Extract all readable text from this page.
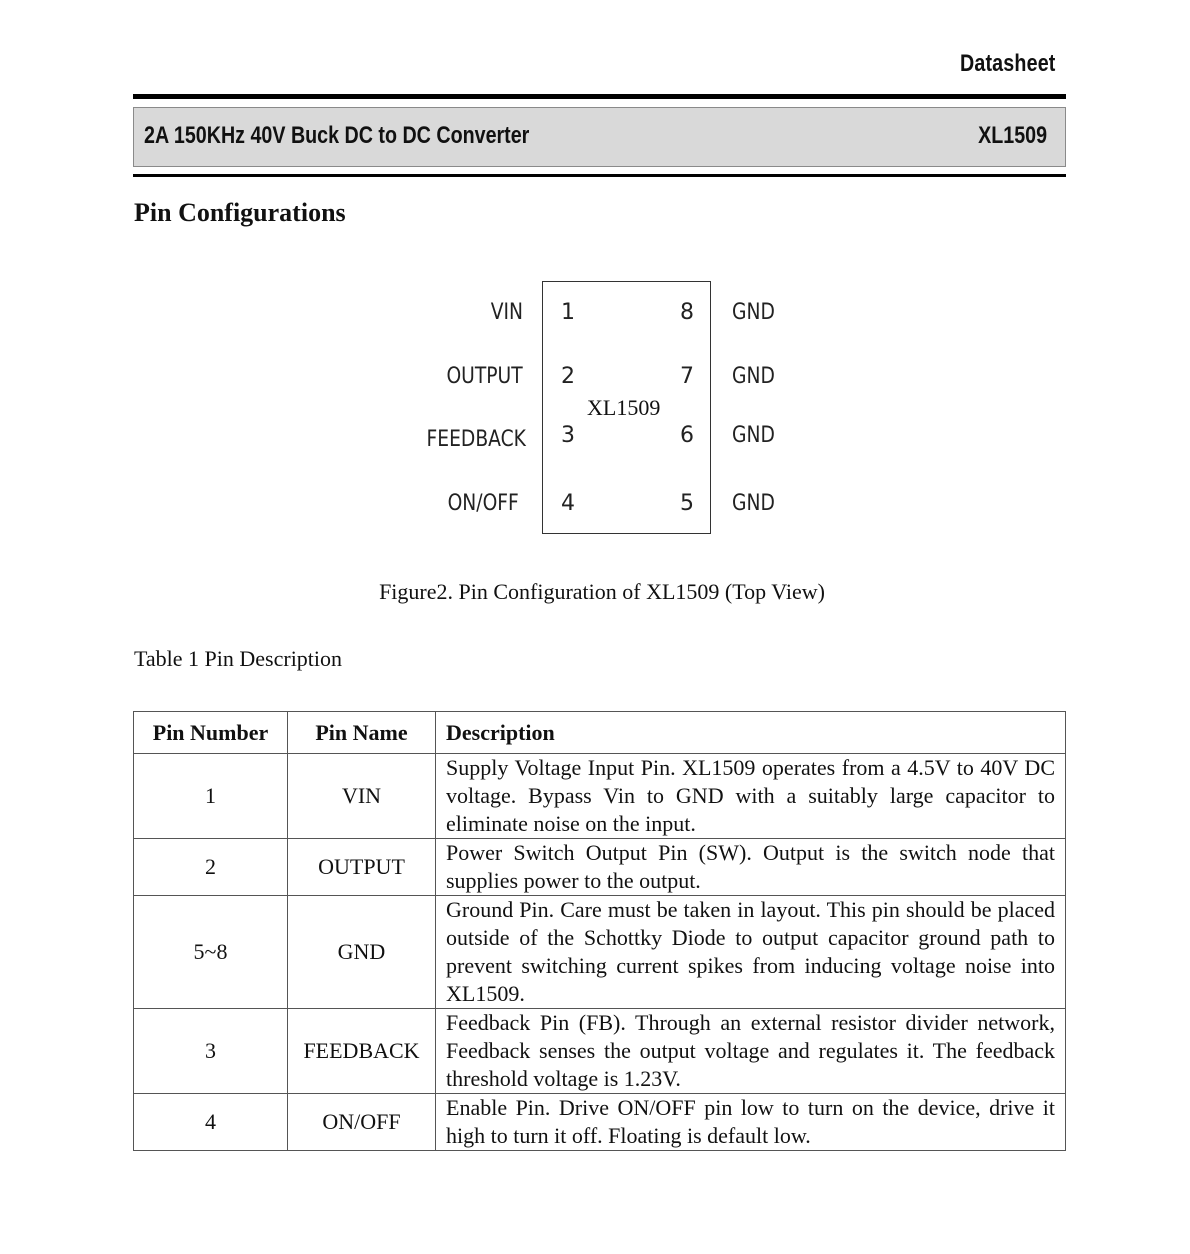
Datasheet
2A 150KHz 40V Buck DC to DC Converter	XL1509
Pin Configurations
VIN
OUTPUT
FEEDBACK
ON/OFF
1
2
3
4
8
7
6
5
XL1509
GND
GND
GND
GND
Figure2. Pin Configuration of XL1509 (Top View)
Table 1 Pin Description
Pin Number	Pin Name	Description
1	VIN	Supply Voltage Input Pin. XL1509 operates from a 4.5V to 40V DC voltage. Bypass Vin to GND with a suitably large capacitor to eliminate noise on the input.
2	OUTPUT	Power Switch Output Pin (SW). Output is the switch node that supplies power to the output.
5~8	GND	Ground Pin. Care must be taken in layout. This pin should be placed outside of the Schottky Diode to output capacitor ground path to prevent switching current spikes from inducing voltage noise into XL1509.
3	FEEDBACK	Feedback Pin (FB). Through an external resistor divider network, Feedback senses the output voltage and regulates it. The feedback threshold voltage is 1.23V.
4	ON/OFF	Enable Pin. Drive ON/OFF pin low to turn on the device, drive it high to turn it off. Floating is default low.
